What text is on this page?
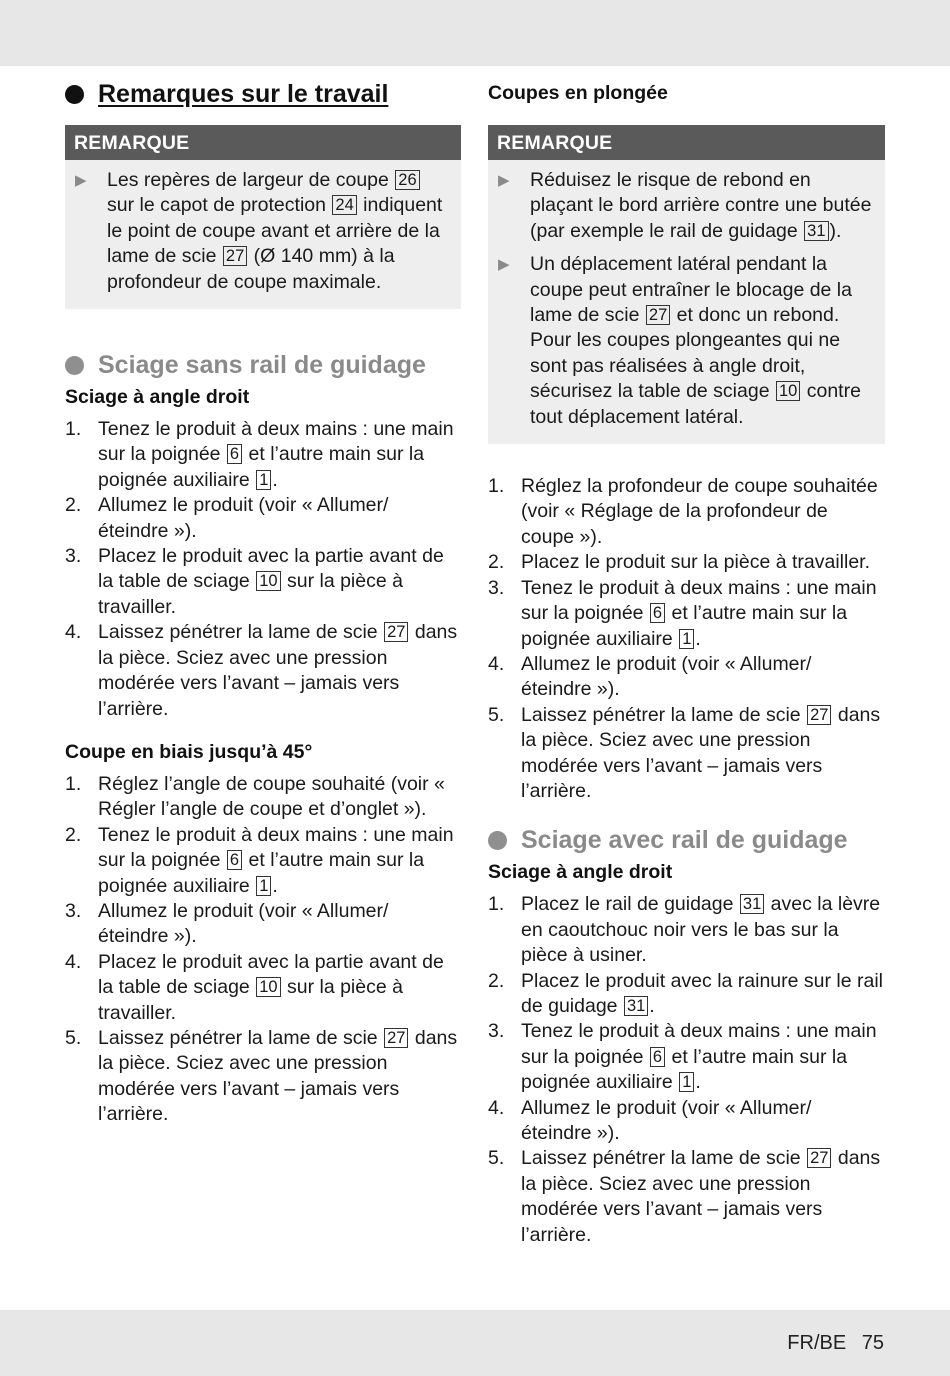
Remarques sur le travail
REMARQUE
▶	Les repères de largeur de coupe 26 sur le capot de protection 24 indiquent le point de coupe avant et arrière de la lame de scie 27 (Ø 140 mm) à la profondeur de coupe maximale.
Sciage sans rail de guidage
Sciage à angle droit
1. Tenez le produit à deux mains : une main sur la poignée 6 et l’autre main sur la poignée auxiliaire 1 .
2. Allumez le produit (voir « Allumer/ éteindre »).
3. Placez le produit avec la partie avant de la table de sciage 10 sur la pièce à travailler.
4. Laissez pénétrer la lame de scie 27 dans la pièce. Sciez avec une pression modérée vers l’avant – jamais vers l’arrière.
Coupe en biais jusqu’à 45°
1. Réglez l’angle de coupe souhaité (voir « Régler l’angle de coupe et d’onglet »).
2. Tenez le produit à deux mains : une main sur la poignée 6 et l’autre main sur la poignée auxiliaire 1 .
3. Allumez le produit (voir « Allumer/ éteindre »).
4. Placez le produit avec la partie avant de la table de sciage 10 sur la pièce à travailler.
5. Laissez pénétrer la lame de scie 27 dans la pièce. Sciez avec une pression modérée vers l’avant – jamais vers l’arrière.
Coupes en plongée
REMARQUE
▶	Réduisez le risque de rebond en plaçant le bord arrière contre une butée (par exemple le rail de guidage 31 ).
▶	Un déplacement latéral pendant la coupe peut entraîner le blocage de la lame de scie 27 et donc un rebond. Pour les coupes plongeantes qui ne sont pas réalisées à angle droit, sécurisez la table de sciage 10 contre tout déplacement latéral.
1. Réglez la profondeur de coupe souhaitée (voir « Réglage de la profondeur de coupe »).
2. Placez le produit sur la pièce à travailler.
3. Tenez le produit à deux mains : une main sur la poignée 6 et l’autre main sur la poignée auxiliaire 1 .
4. Allumez le produit (voir « Allumer/ éteindre »).
5. Laissez pénétrer la lame de scie 27 dans la pièce. Sciez avec une pression modérée vers l’avant – jamais vers l’arrière.
Sciage avec rail de guidage
Sciage à angle droit
1. Placez le rail de guidage 31 avec la lèvre en caoutchouc noir vers le bas sur la pièce à usiner.
2. Placez le produit avec la rainure sur le rail de guidage 31 .
3. Tenez le produit à deux mains : une main sur la poignée 6 et l’autre main sur la poignée auxiliaire 1 .
4. Allumez le produit (voir « Allumer/ éteindre »).
5. Laissez pénétrer la lame de scie 27 dans la pièce. Sciez avec une pression modérée vers l’avant – jamais vers l’arrière.
FR/BE 75
